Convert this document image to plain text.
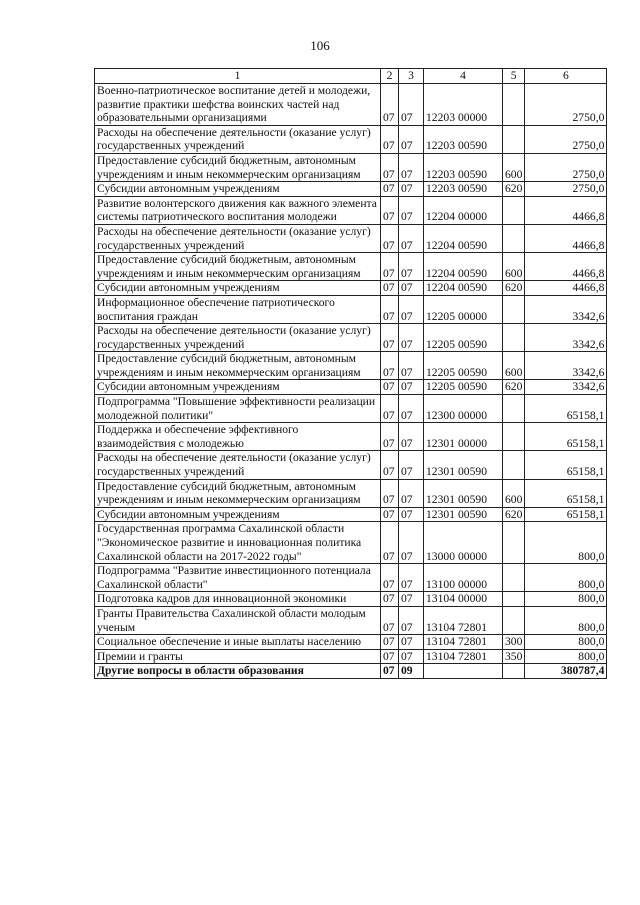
106
1	2	3	4	5	6
Военно-патриотическое воспитание детей и молодежи, развитие практики шефства воинских частей над образовательными организациями	07	07	12203 00000		2750,0
Расходы на обеспечение деятельности (оказание услуг) государственных учреждений	07	07	12203 00590		2750,0
Предоставление субсидий бюджетным, автономным учреждениям и иным некоммерческим организациям	07	07	12203 00590	600	2750,0
Субсидии автономным учреждениям	07	07	12203 00590	620	2750,0
Развитие волонтерского движения как важного элемента системы патриотического воспитания молодежи	07	07	12204 00000		4466,8
Расходы на обеспечение деятельности (оказание услуг) государственных учреждений	07	07	12204 00590		4466,8
Предоставление субсидий бюджетным, автономным учреждениям и иным некоммерческим организациям	07	07	12204 00590	600	4466,8
Субсидии автономным учреждениям	07	07	12204 00590	620	4466,8
Информационное обеспечение патриотического воспитания граждан	07	07	12205 00000		3342,6
Расходы на обеспечение деятельности (оказание услуг) государственных учреждений	07	07	12205 00590		3342,6
Предоставление субсидий бюджетным, автономным учреждениям и иным некоммерческим организациям	07	07	12205 00590	600	3342,6
Субсидии автономным учреждениям	07	07	12205 00590	620	3342,6
Подпрограмма "Повышение эффективности реализации молодежной политики"	07	07	12300 00000		65158,1
Поддержка и обеспечение эффективного взаимодействия с молодежью	07	07	12301 00000		65158,1
Расходы на обеспечение деятельности (оказание услуг) государственных учреждений	07	07	12301 00590		65158,1
Предоставление субсидий бюджетным, автономным учреждениям и иным некоммерческим организациям	07	07	12301 00590	600	65158,1
Субсидии автономным учреждениям	07	07	12301 00590	620	65158,1
Государственная программа Сахалинской области "Экономическое развитие и инновационная политика Сахалинской области на 2017-2022 годы"	07	07	13000 00000		800,0
Подпрограмма "Развитие инвестиционного потенциала Сахалинской области"	07	07	13100 00000		800,0
Подготовка кадров для инновационной экономики	07	07	13104 00000		800,0
Гранты Правительства Сахалинской области молодым ученым	07	07	13104 72801		800,0
Социальное обеспечение и иные выплаты населению	07	07	13104 72801	300	800,0
Премии и гранты	07	07	13104 72801	350	800,0
Другие вопросы в области образования	07	09			380787,4
